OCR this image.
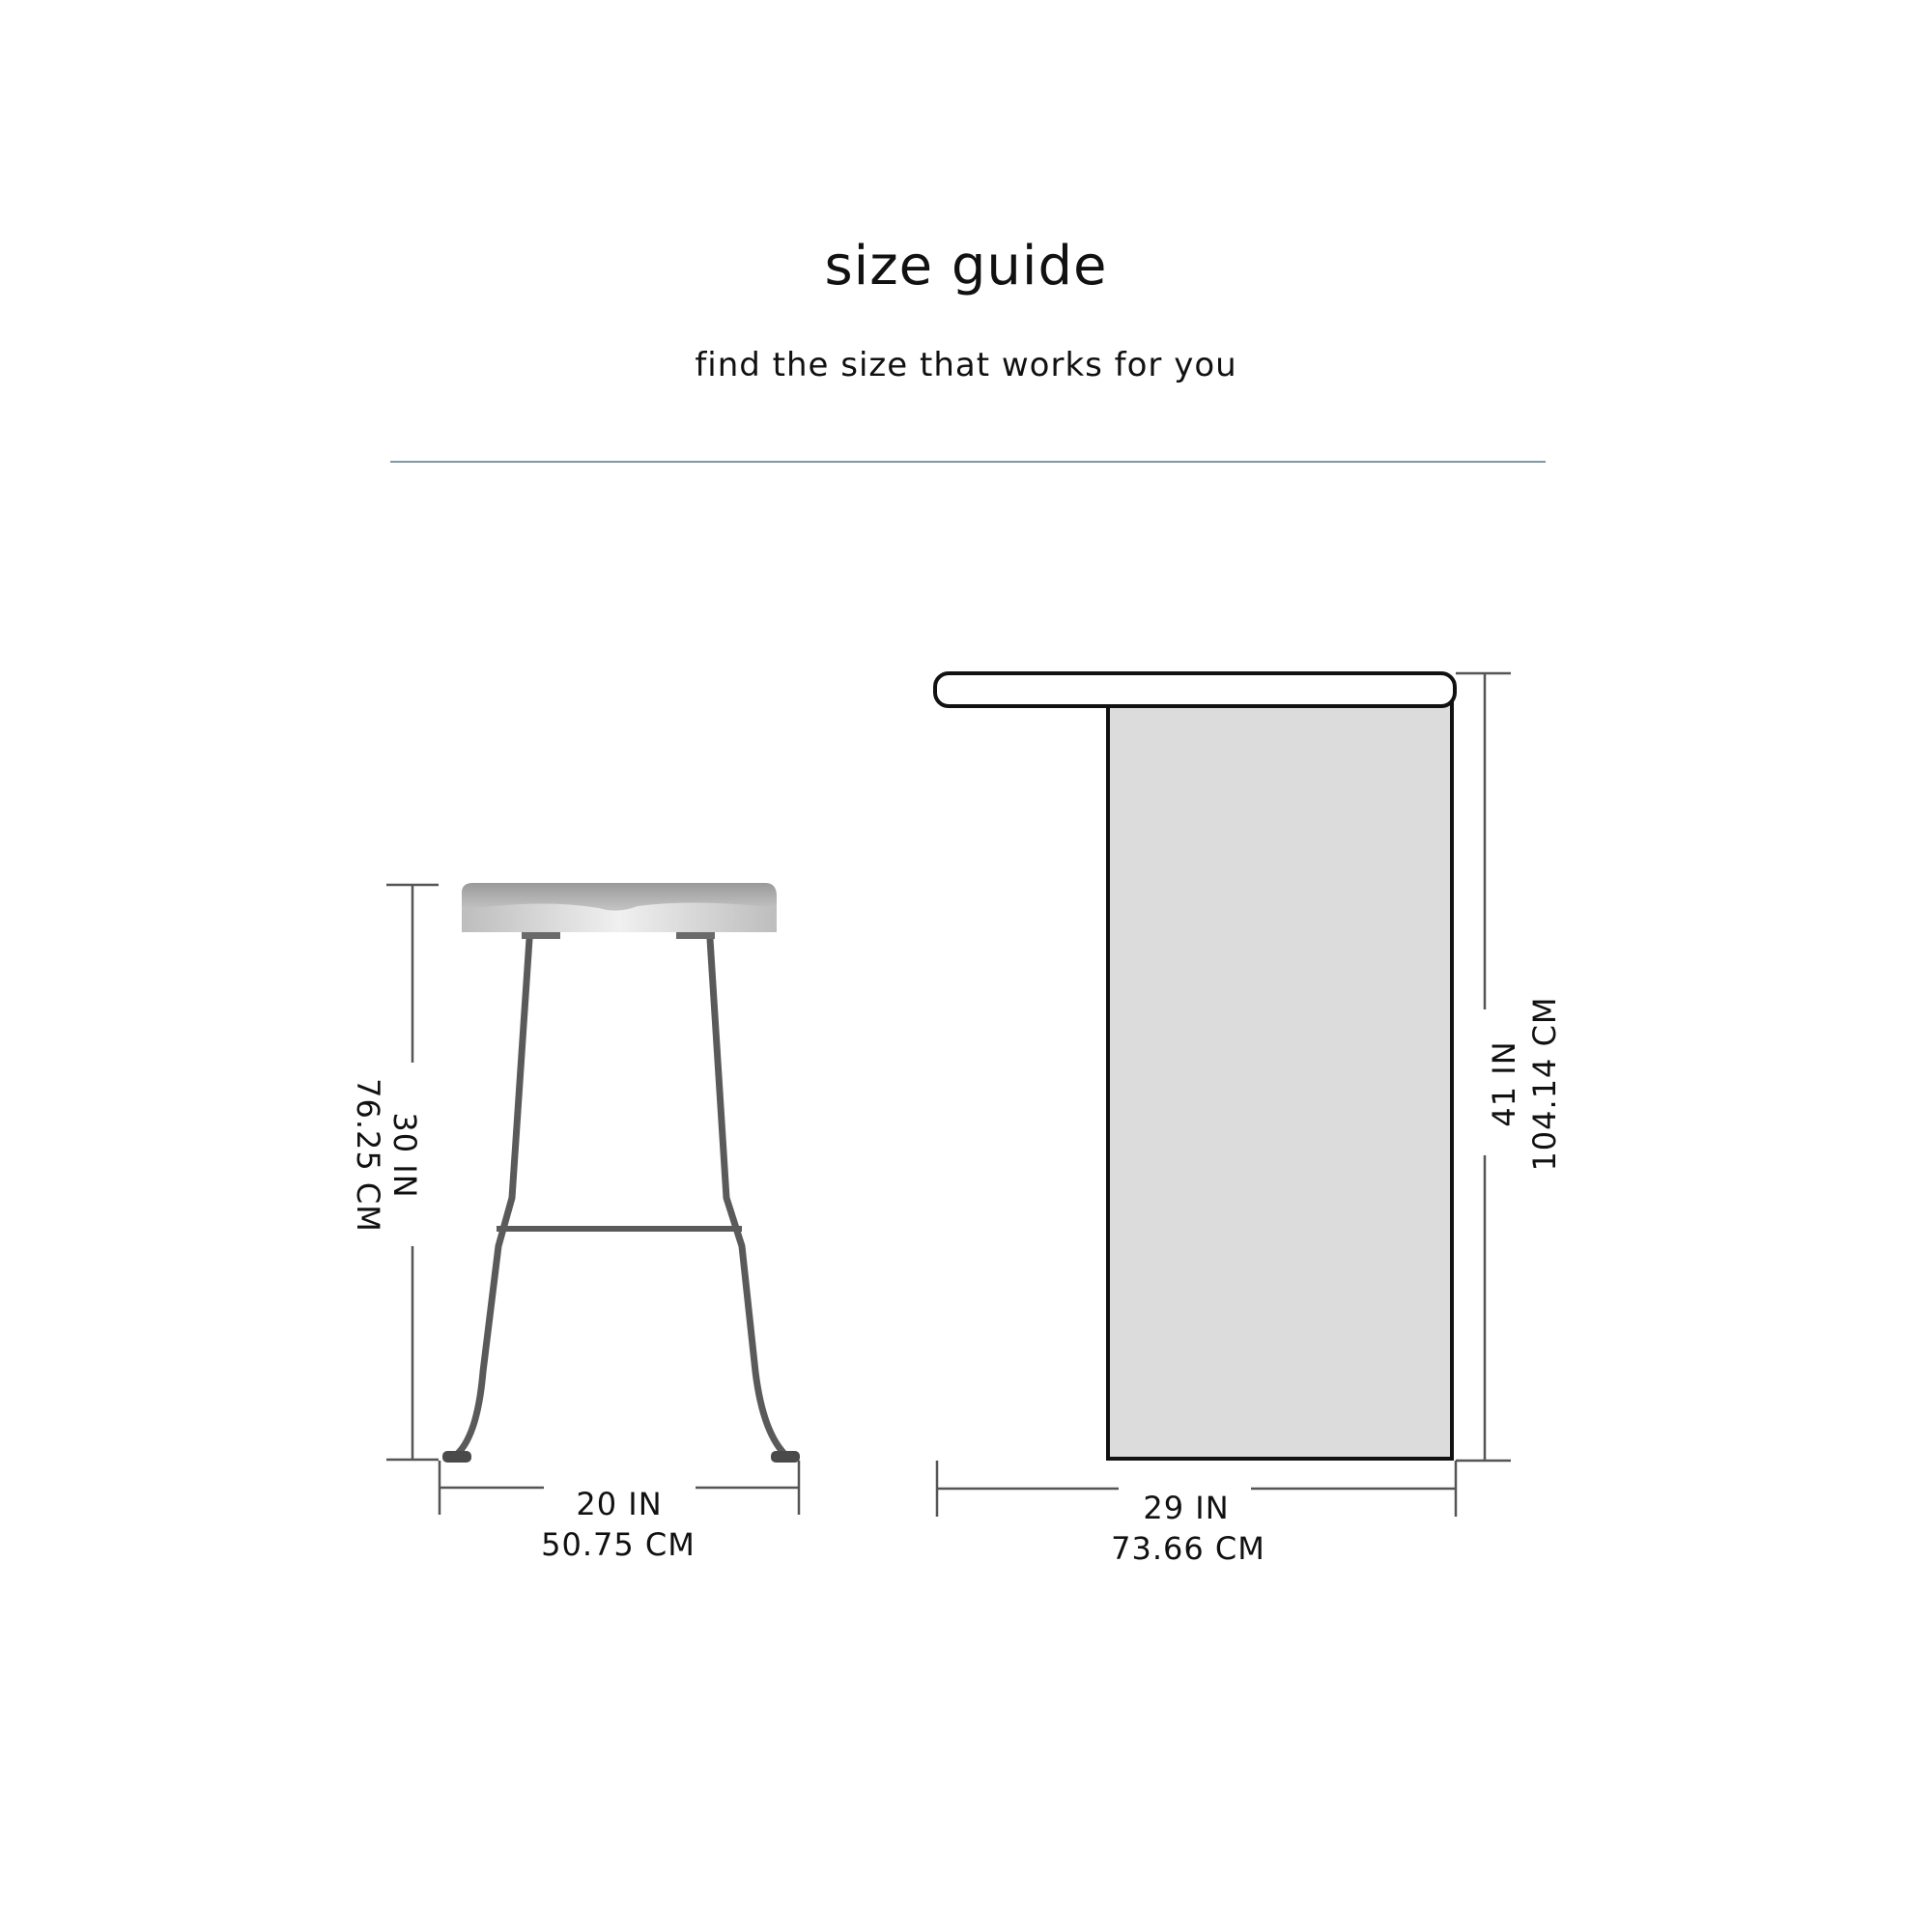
size guide

find the size that works for you

30 IN
76.25 CM
20 IN
50.75 CM
41 IN 104.14 CM
29 IN
73.66 CM
